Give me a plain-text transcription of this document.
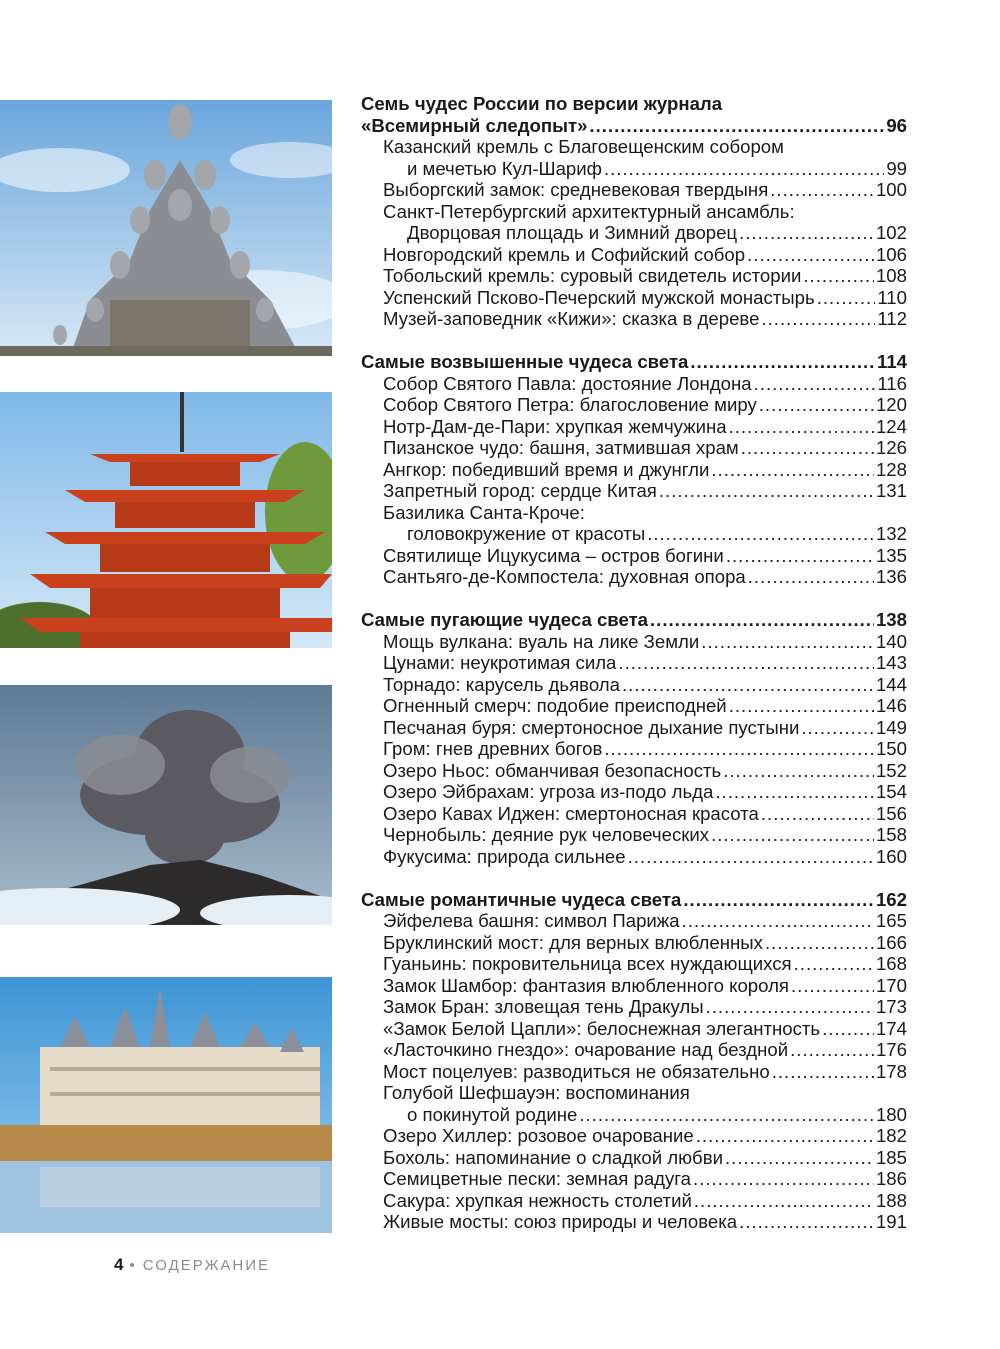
Семь чудес России по версии журнала
«Всемирный следопыт» .....	96
Казанский кремль с Благовещенским собором
и мечетью Кул-Шариф .....	99
Выборгский замок: средневековая твердыня .....	100
Санкт-Петербургский архитектурный ансамбль:
Дворцовая площадь и Зимний дворец .....	102
Новгородский кремль и Софийский собор .....	106
Тобольский кремль: суровый свидетель истории .....	108
Успенский Псково-Печерский мужской монастырь .....	110
Музей-заповедник «Кижи»: сказка в дереве .....	112
Самые возвышенные чудеса света .....	114
Собор Святого Павла: достояние Лондона .....	116
Собор Святого Петра: благословение миру .....	120
Нотр-Дам-де-Пари: хрупкая жемчужина .....	124
Пизанское чудо: башня, затмившая храм .....	126
Ангкор: победивший время и джунгли .....	128
Запретный город: сердце Китая .....	131
Базилика Санта-Кроче:
головокружение от красоты .....	132
Святилище Ицукусима – остров богини .....	135
Сантьяго-де-Компостела: духовная опора .....	136
Самые пугающие чудеса света .....	138
Мощь вулкана: вуаль на лике Земли .....	140
Цунами: неукротимая сила .....	143
Торнадо: карусель дьявола .....	144
Огненный смерч: подобие преисподней .....	146
Песчаная буря: смертоносное дыхание пустыни .....	149
Гром: гнев древних богов .....	150
Озеро Ньос: обманчивая безопасность .....	152
Озеро Эйбрахам: угроза из-подо льда .....	154
Озеро Кавах Иджен: смертоносная красота .....	156
Чернобыль: деяние рук человеческих .....	158
Фукусима: природа сильнее .....	160
Самые романтичные чудеса света .....	162
Эйфелева башня: символ Парижа .....	165
Бруклинский мост: для верных влюбленных .....	166
Гуаньинь: покровительница всех нуждающихся .....	168
Замок Шамбор: фантазия влюбленного короля .....	170
Замок Бран: зловещая тень Дракулы .....	173
«Замок Белой Цапли»: белоснежная элегантность .....	174
«Ласточкино гнездо»: очарование над бездной .....	176
Мост поцелуев: разводиться не обязательно .....	178
Голубой Шефшауэн: воспоминания
о покинутой родине .....	180
Озеро Хиллер: розовое очарование .....	182
Бохоль: напоминание о сладкой любви .....	185
Семицветные пески: земная радуга .....	186
Сакура: хрупкая нежность столетий .....	188
Живые мосты: союз природы и человека .....	191
4 • СОДЕРЖАНИЕ
